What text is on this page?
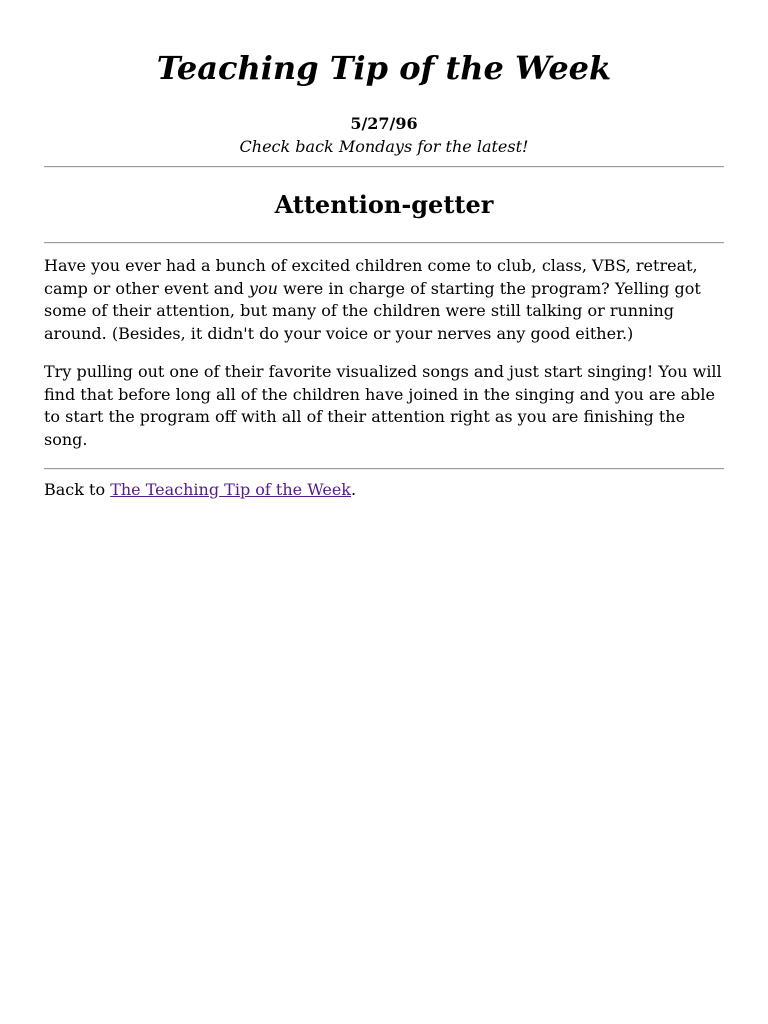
Teaching Tip of the Week
5/27/96
Check back Mondays for the latest!
Attention-getter

Have you ever had a bunch of excited children come to club, class, VBS, retreat, camp or other event and you were in charge of starting the program? Yelling got some of their attention, but many of the children were still talking or running around. (Besides, it didn't do your voice or your nerves any good either.)

Try pulling out one of their favorite visualized songs and just start singing! You will find that before long all of the children have joined in the singing and you are able to start the program off with all of their attention right as you are finishing the song.

Back to The Teaching Tip of the Week.
